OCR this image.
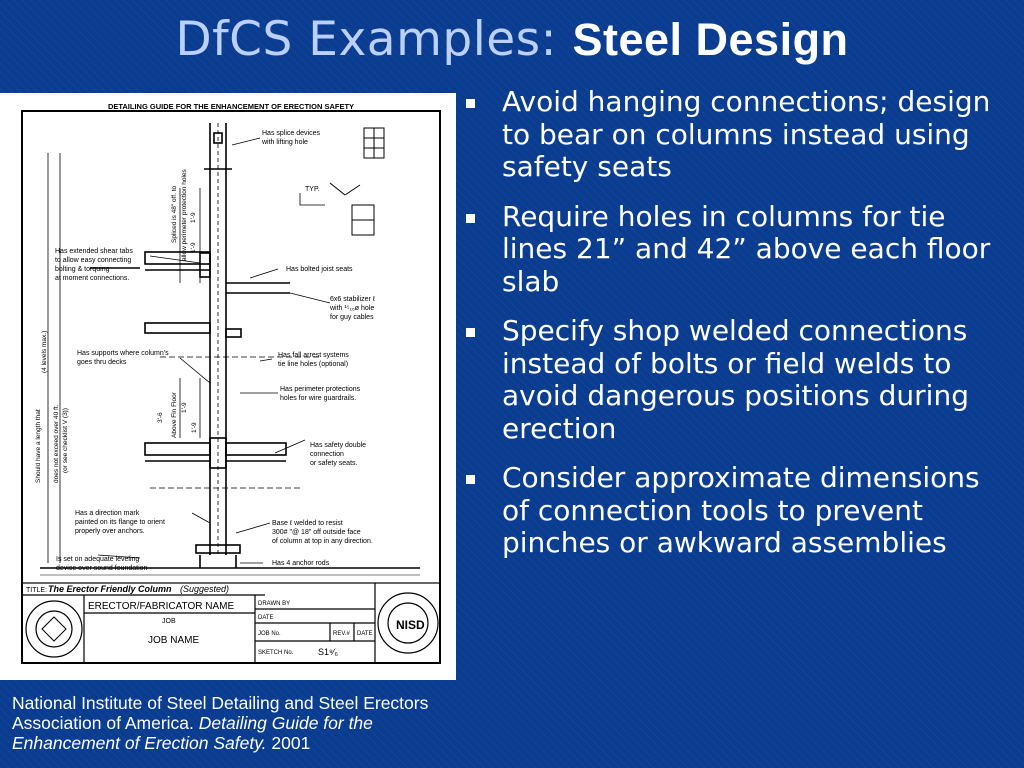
DfCS Examples: Steel Design
DETAILING GUIDE FOR THE ENHANCEMENT OF ERECTION SAFETY
Has splice devices with lifting hole
TYP.
Has extended shear tabs to allow easy connecting bolting & torquing at moment connections.
Has bolted joist seats
6x6 stabilizer ℓ with ¹⁵₁₆ø hole for guy cables
Has supports where column's goes thru decks
Has fall arrest systems tie line holes (optional)
Has perimeter protections holes for wire guardrails.
Has safety double connection or safety seats.
Has a direction mark painted on its flange to orient properly over anchors.
Base ℓ welded to resist 300# "@ 18" off outside face of column at top in any direction.
Has 4 anchor rods
Is set on adequate leveling device over sound foundation
Spliced is 48" off. to allow perimeter protection holes 1'-9
1'-9
3'-6
1'-9
1'-9
Above Fin Floor
(4 levels max.)
Should have a length that does not exceed over 40 ft. (or see checklist V (3))
TITLE: The Erector Friendly Column (Suggested)
ERECTOR/FABRICATOR NAME
JOB
JOB NAME
DRAWN BY
DATE
JOB No.	REV.# DATE
SKETCH No.	S1⁹⁄₆
NISD
National Institute of Steel Detailing and Steel Erectors Association of America. Detailing Guide for the Enhancement of Erection Safety. 2001
Avoid hanging connections; design to bear on columns instead using safety seats
Require holes in columns for tie lines 21” and 42” above each floor slab
Specify shop welded connections instead of bolts or field welds to avoid dangerous positions during erection
Consider approximate dimensions of connection tools to prevent pinches or awkward assemblies
